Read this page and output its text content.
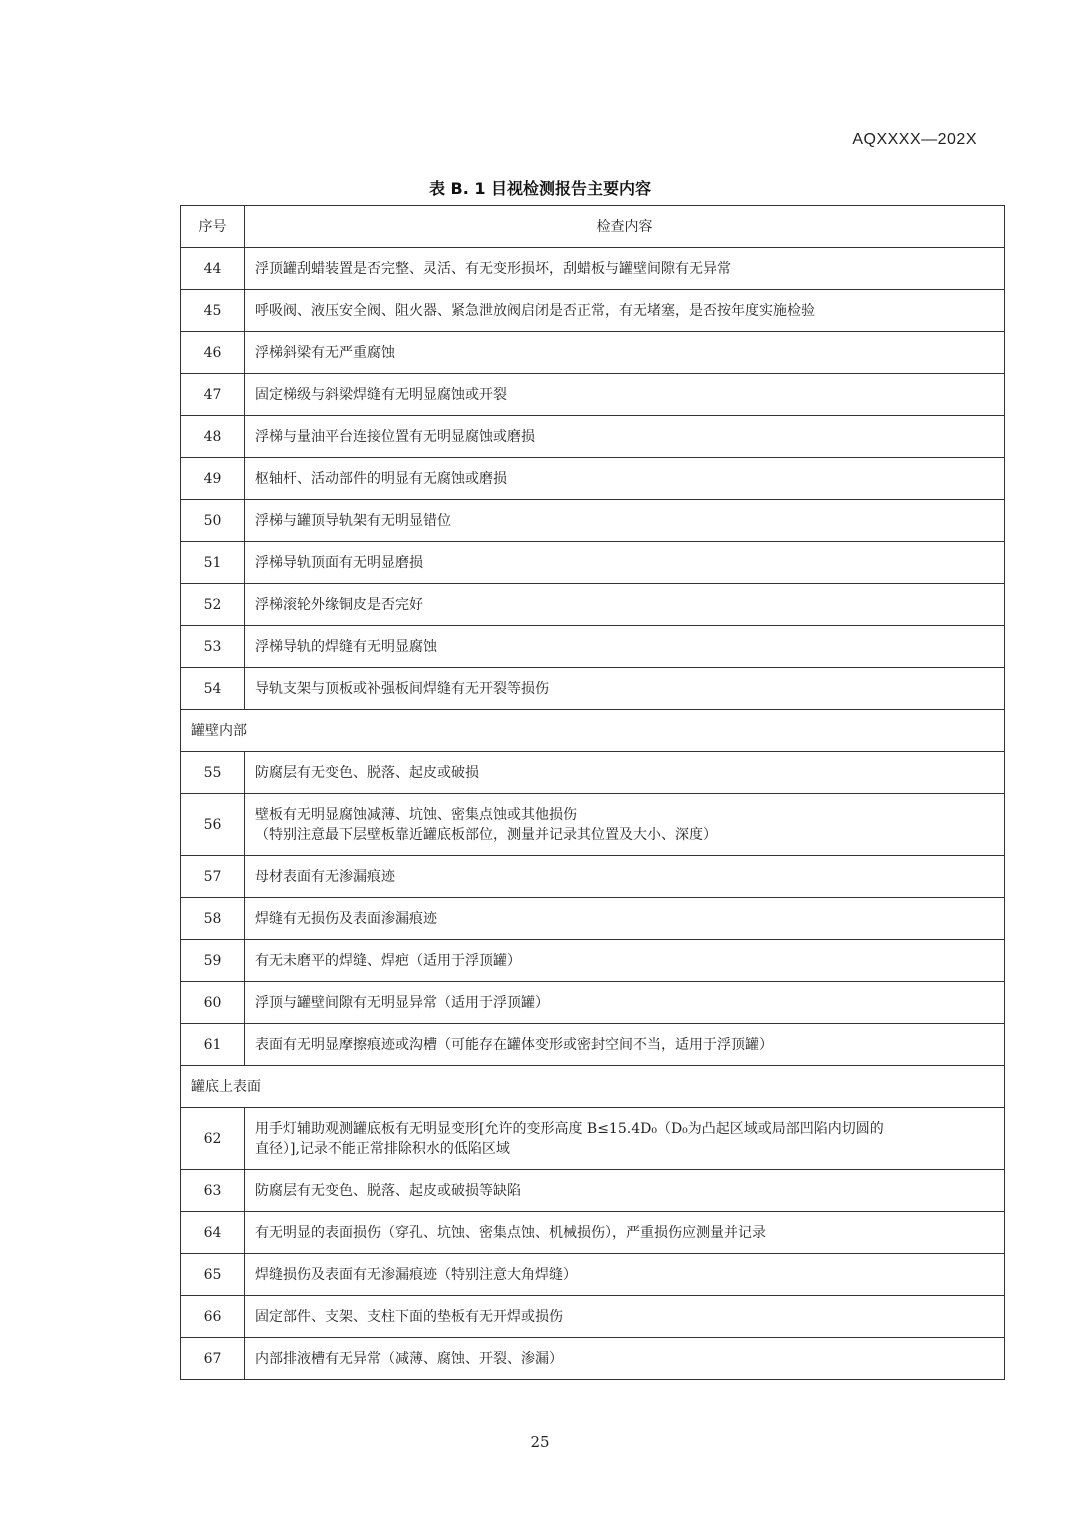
AQXXXX—202X
表 B. 1 目视检测报告主要内容
序号	检查内容
44	浮顶罐刮蜡装置是否完整、灵活、有无变形损坏，刮蜡板与罐壁间隙有无异常
45	呼吸阀、液压安全阀、阻火器、紧急泄放阀启闭是否正常，有无堵塞，是否按年度实施检验
46	浮梯斜梁有无严重腐蚀
47	固定梯级与斜梁焊缝有无明显腐蚀或开裂
48	浮梯与量油平台连接位置有无明显腐蚀或磨损
49	枢轴杆、活动部件的明显有无腐蚀或磨损
50	浮梯与罐顶导轨架有无明显错位
51	浮梯导轨顶面有无明显磨损
52	浮梯滚轮外缘铜皮是否完好
53	浮梯导轨的焊缝有无明显腐蚀
54	导轨支架与顶板或补强板间焊缝有无开裂等损伤
罐壁内部	
55	防腐层有无变色、脱落、起皮或破损
56	壁板有无明显腐蚀减薄、坑蚀、密集点蚀或其他损伤
（特别注意最下层壁板靠近罐底板部位，测量并记录其位置及大小、深度）

57	母材表面有无渗漏痕迹
58	焊缝有无损伤及表面渗漏痕迹
59	有无未磨平的焊缝、焊疤（适用于浮顶罐）
60	浮顶与罐壁间隙有无明显异常（适用于浮顶罐）
61	表面有无明显摩擦痕迹或沟槽（可能存在罐体变形或密封空间不当，适用于浮顶罐）
罐底上表面	
62	用手灯辅助观测罐底板有无明显变形[允许的变形高度 B≤15.4D₀（D₀为凸起区域或局部凹陷内切圆的
直径）],记录不能正常排除积水的低陷区域

63	防腐层有无变色、脱落、起皮或破损等缺陷
64	有无明显的表面损伤（穿孔、坑蚀、密集点蚀、机械损伤），严重损伤应测量并记录
65	焊缝损伤及表面有无渗漏痕迹（特别注意大角焊缝）
66	固定部件、支架、支柱下面的垫板有无开焊或损伤
67	内部排液槽有无异常（减薄、腐蚀、开裂、渗漏）
25
